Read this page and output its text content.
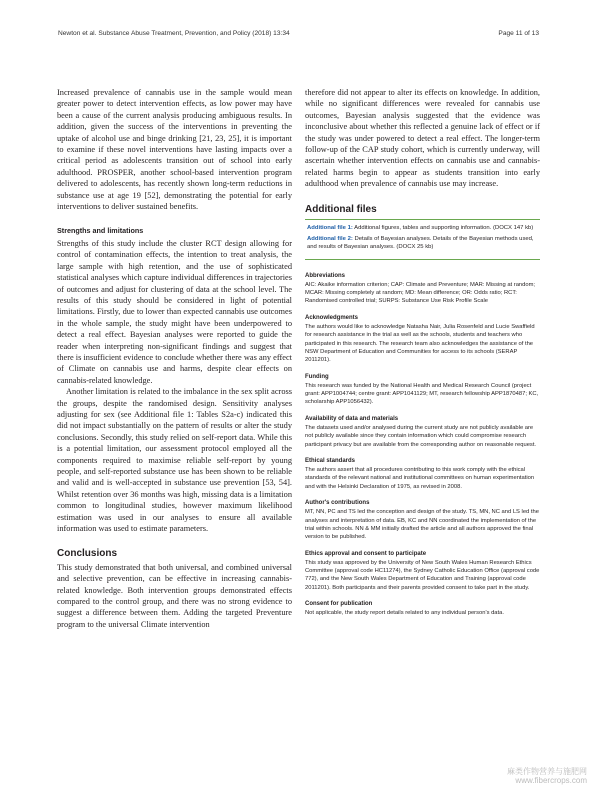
Newton et al. Substance Abuse Treatment, Prevention, and Policy (2018) 13:34	Page 11 of 13

Increased prevalence of cannabis use in the sample would mean greater power to detect intervention effects, as low power may have been a cause of the current analysis producing ambiguous results. In addition, given the success of the interventions in preventing the uptake of alcohol use and binge drinking [21, 23, 25], it is important to examine if these novel interventions have lasting impacts over a critical period as adolescents transition out of school into early adulthood. PROSPER, another school-based intervention program delivered to adolescents, has recently shown long-term reductions in substance use at age 19 [52], demonstrating the potential for early interventions to deliver sustained benefits.

Strengths and limitations

Strengths of this study include the cluster RCT design allowing for control of contamination effects, the intention to treat analysis, the large sample with high retention, and the use of sophisticated statistical analyses which capture individual differences in trajectories of outcomes and adjust for clustering of data at the school level. The results of this study should be considered in light of potential limitations. Firstly, due to lower than expected cannabis use outcomes in the whole sample, the study might have been underpowered to detect a real effect. Bayesian analyses were reported to guide the reader when interpreting non-significant findings and suggest that there is insufficient evidence to conclude whether there was any effect of Climate on cannabis use and harms, despite clear effects on cannabis-related knowledge.

Another limitation is related to the imbalance in the sex split across the groups, despite the randomised design. Sensitivity analyses adjusting for sex (see Additional file 1: Tables S2a-c) indicated this did not impact substantially on the pattern of results or alter the study conclusions. Secondly, this study relied on self-report data. While this is a potential limitation, our assessment protocol employed all the components required to maximise reliable self-report by young people, and self-reported substance use has been shown to be reliable and valid and is well-accepted in substance use prevention [53, 54]. Whilst retention over 36 months was high, missing data is a limitation common to longitudinal studies, however maximum likelihood estimation was used in our analyses to ensure all available information was used to estimate parameters.

Conclusions

This study demonstrated that both universal, and combined universal and selective prevention, can be effective in increasing cannabis-related knowledge. Both intervention groups demonstrated effects compared to the control group, and there was no strong evidence to suggest a difference between them. Adding the targeted Preventure program to the universal Climate intervention

therefore did not appear to alter its effects on knowledge. In addition, while no significant differences were revealed for cannabis use outcomes, Bayesian analysis suggested that the evidence was inconclusive about whether this reflected a genuine lack of effect or if the study was under powered to detect a real effect. The longer-term follow-up of the CAP study cohort, which is currently underway, will ascertain whether intervention effects on cannabis use and cannabis-related harms begin to appear as students transition into early adulthood when prevalence of cannabis use may increase.

Additional files
Additional file 1: Additional figures, tables and supporting information. (DOCX 147 kb)
Additional file 2: Details of Bayesian analyses. Details of the Bayesian methods used, and results of Bayesian analyses. (DOCX 25 kb)
Abbreviations

AIC: Akaike information criterion; CAP: Climate and Preventure; MAR: Missing at random; MCAR: Missing completely at random; MD: Mean difference; OR: Odds ratio; RCT: Randomised controlled trial; SURPS: Substance Use Risk Profile Scale

Acknowledgments

The authors would like to acknowledge Natasha Nair, Julia Rosenfeld and Lucie Swaffield for research assistance in the trial as well as the schools, students and teachers who participated in this research. The research team also acknowledges the assistance of the NSW Department of Education and Communities for access to its schools (SERAP 2011201).

Funding

This research was funded by the National Health and Medical Research Council (project grant: APP1004744; centre grant: APP1041129; MT, research fellowship APP1870487; KC, scholarship APP1056432).

Availability of data and materials

The datasets used and/or analysed during the current study are not publicly available are not publicly available since they contain information which could compromise research participant privacy but are available from the corresponding author on reasonable request.

Ethical standards

The authors assert that all procedures contributing to this work comply with the ethical standards of the relevant national and institutional committees on human experimentation and with the Helsinki Declaration of 1975, as revised in 2008.

Author's contributions

MT, NN, PC and TS led the conception and design of the study. TS, MN, NC and LS led the analyses and interpretation of data. EB, KC and NN coordinated the implementation of the trial within schools. NN & MM initially drafted the article and all authors approved the final version to be published.

Ethics approval and consent to participate

This study was approved by the University of New South Wales Human Research Ethics Committee (approval code HC11274), the Sydney Catholic Education Office (approval code 772), and the New South Wales Department of Education and Training (approval code 2011201). Both participants and their parents provided consent to take part in the study.

Consent for publication

Not applicable, the study report details related to any individual person's data.

麻类作物营养与施肥网
www.fibercrops.com
